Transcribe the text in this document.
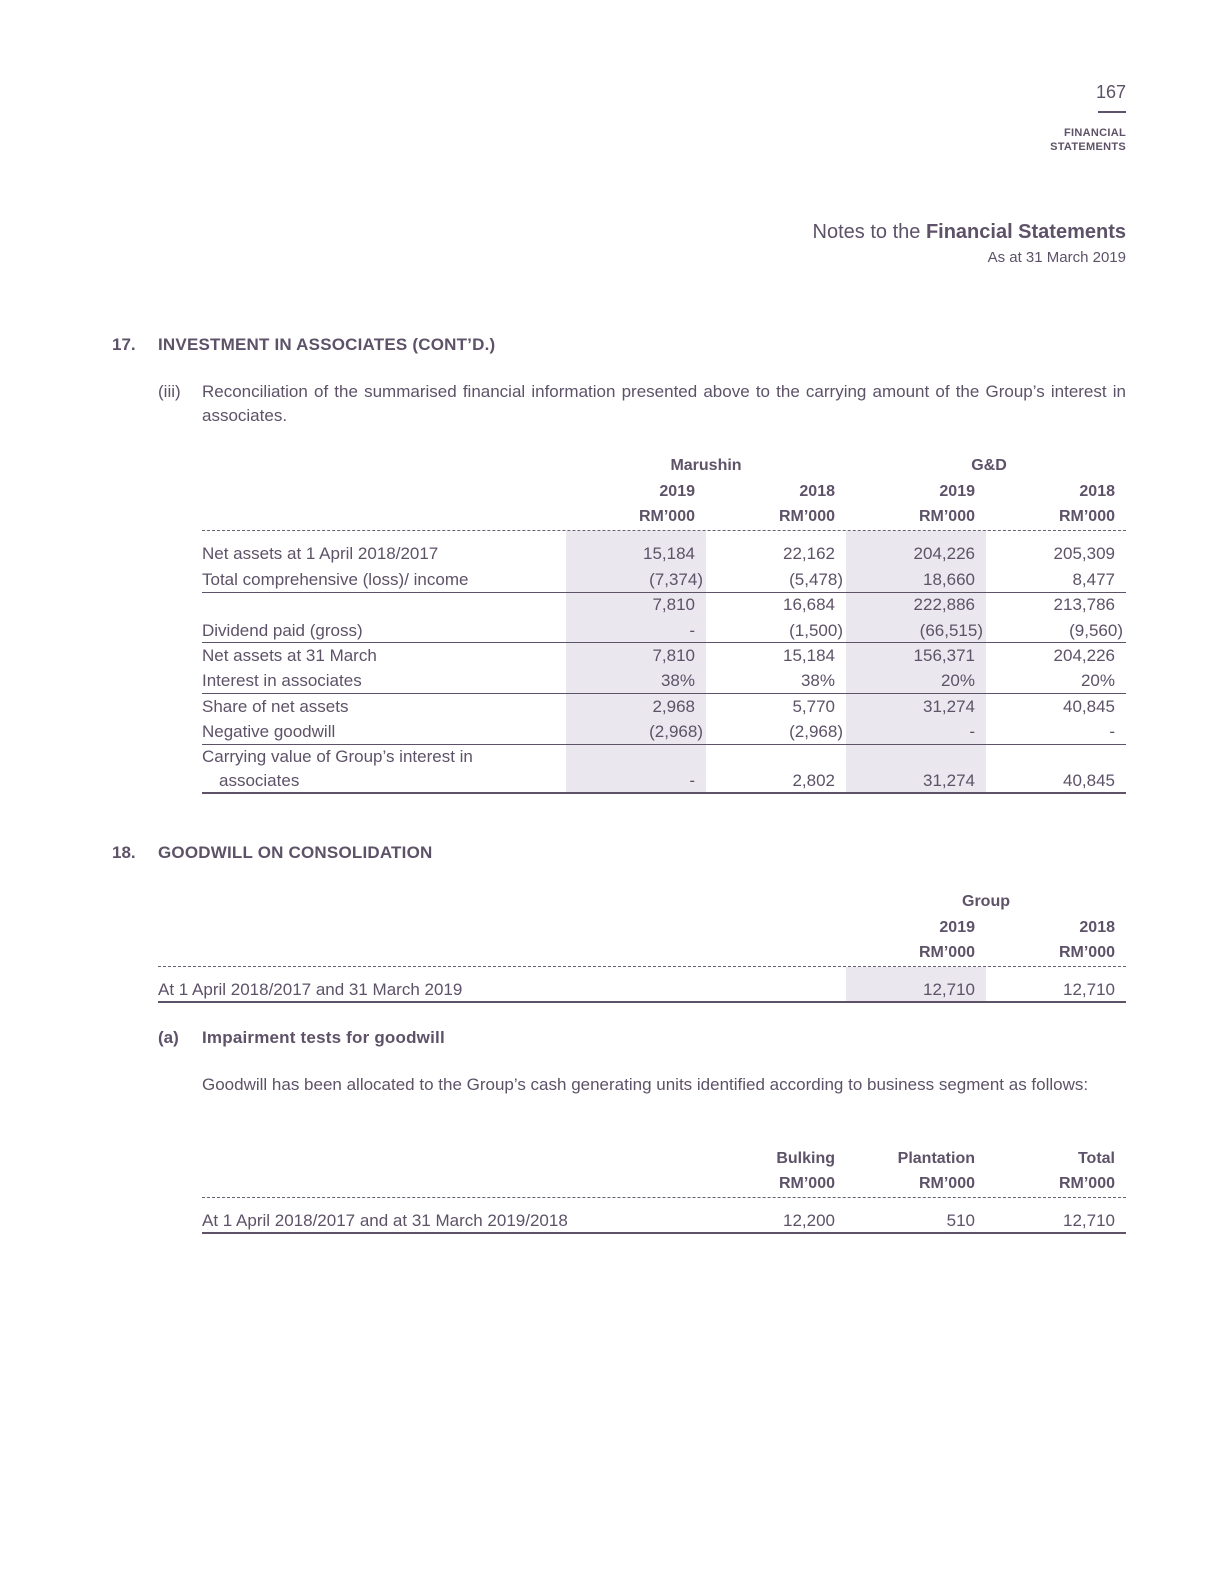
167
FINANCIAL
STATEMENTS
Notes to the Financial Statements
As at 31 March 2019
17. INVESTMENT IN ASSOCIATES (CONT’D.)
(iii)	Reconciliation of the summarised financial information presented above to the carrying amount of the Group’s interest in associates.
Marushin	G&D
2019	2018	2019	2018
RM’000	RM’000	RM’000	RM’000
Net assets at 1 April 2018/2017	15,184	22,162	204,226	205,309
Total comprehensive (loss)/ income	(7,374)	(5,478)	18,660	8,477
7,810	16,684	222,886	213,786
Dividend paid (gross)	-	(1,500)	(66,515)	(9,560)
Net assets at 31 March	7,810	15,184	156,371	204,226
Interest in associates	38%	38%	20%	20%
Share of net assets	2,968	5,770	31,274	40,845
Negative goodwill	(2,968)	(2,968)	-	-
Carrying value of Group’s interest in
associates	-	2,802	31,274	40,845
18. GOODWILL ON CONSOLIDATION
Group
2019	2018
RM’000	RM’000
At 1 April 2018/2017 and 31 March 2019	12,710	12,710
(a) Impairment tests for goodwill
Goodwill has been allocated to the Group’s cash generating units identified according to business segment as follows:
Bulking	Plantation	Total
RM’000	RM’000	RM’000
At 1 April 2018/2017 and at 31 March 2019/2018	12,200	510	12,710
